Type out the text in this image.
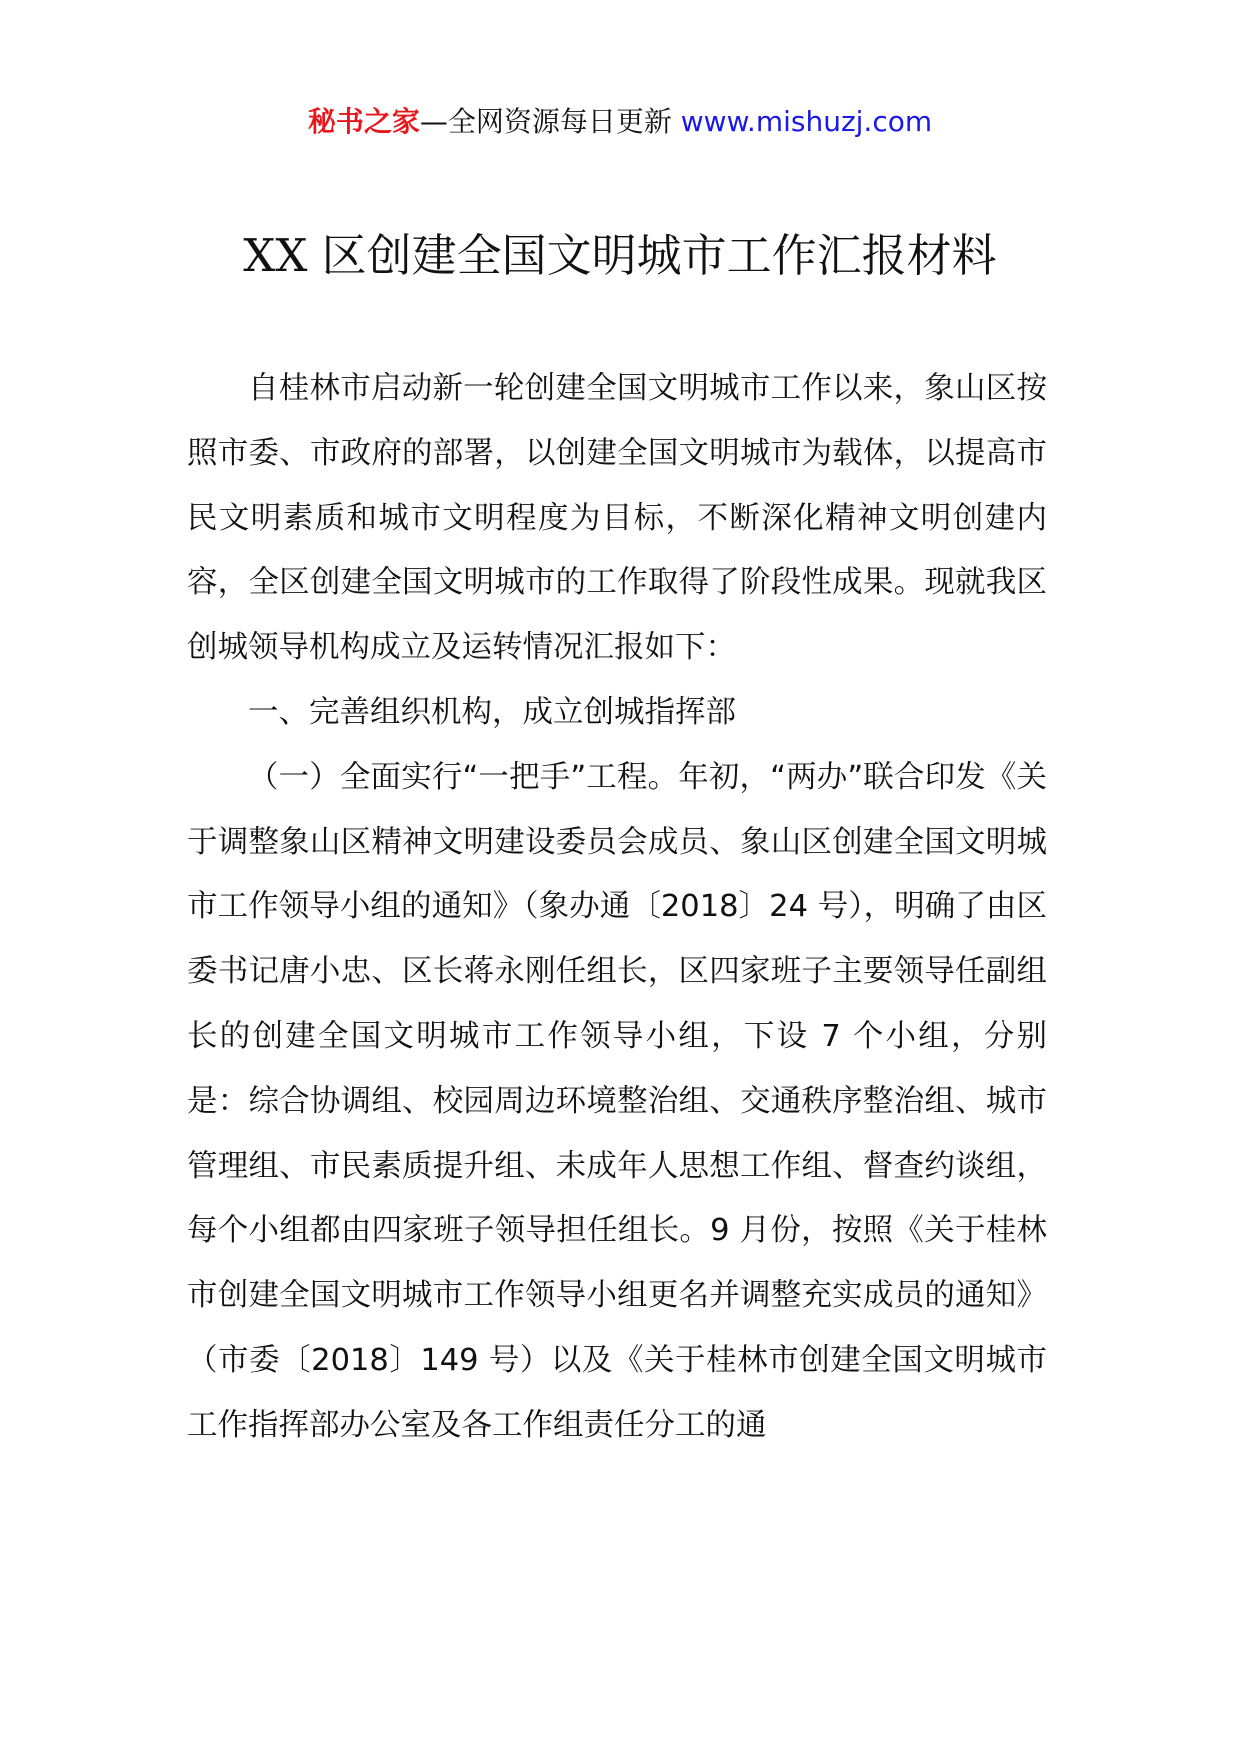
秘书之家—全网资源每日更新 www.mishuzj.com
XX 区创建全国文明城市工作汇报材料

自桂林市启动新一轮创建全国文明城市工作以来，象山区按照市委、市政府的部署，以创建全国文明城市为载体，以提高市民文明素质和城市文明程度为目标，不断深化精神文明创建内容，全区创建全国文明城市的工作取得了阶段性成果。现就我区创城领导机构成立及运转情况汇报如下：

一、完善组织机构，成立创城指挥部

（一）全面实行“一把手”工程。年初，“两办”联合印发《关于调整象山区精神文明建设委员会成员、象山区创建全国文明城市工作领导小组的通知》（象办通〔2018〕24 号），明确了由区委书记唐小忠、区长蒋永刚任组长，区四家班子主要领导任副组长的创建全国文明城市工作领导小组，下设 7 个小组，分别是：综合协调组、校园周边环境整治组、交通秩序整治组、城市管理组、市民素质提升组、未成年人思想工作组、督查约谈组，每个小组都由四家班子领导担任组长。9 月份，按照《关于桂林市创建全国文明城市工作领导小组更名并调整充实成员的通知》（市委〔2018〕149 号）以及《关于桂林市创建全国文明城市工作指挥部办公室及各工作组责任分工的通
